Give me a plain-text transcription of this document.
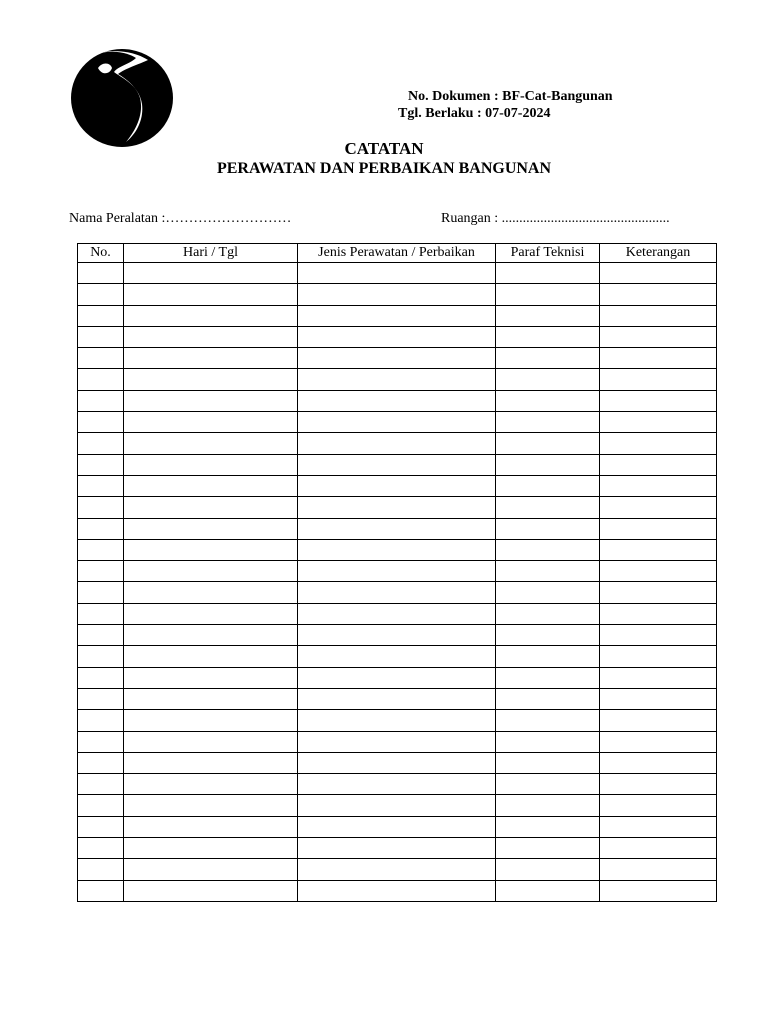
No. Dokumen : BF-Cat-Bangunan
Tgl. Berlaku : 07-07-2024
CATATAN
PERAWATAN DAN PERBAIKAN BANGUNAN
Nama Peralatan :………………………	Ruangan : ................................................
No.	Hari / Tgl	Jenis Perawatan / Perbaikan	Paraf Teknisi	Keterangan
